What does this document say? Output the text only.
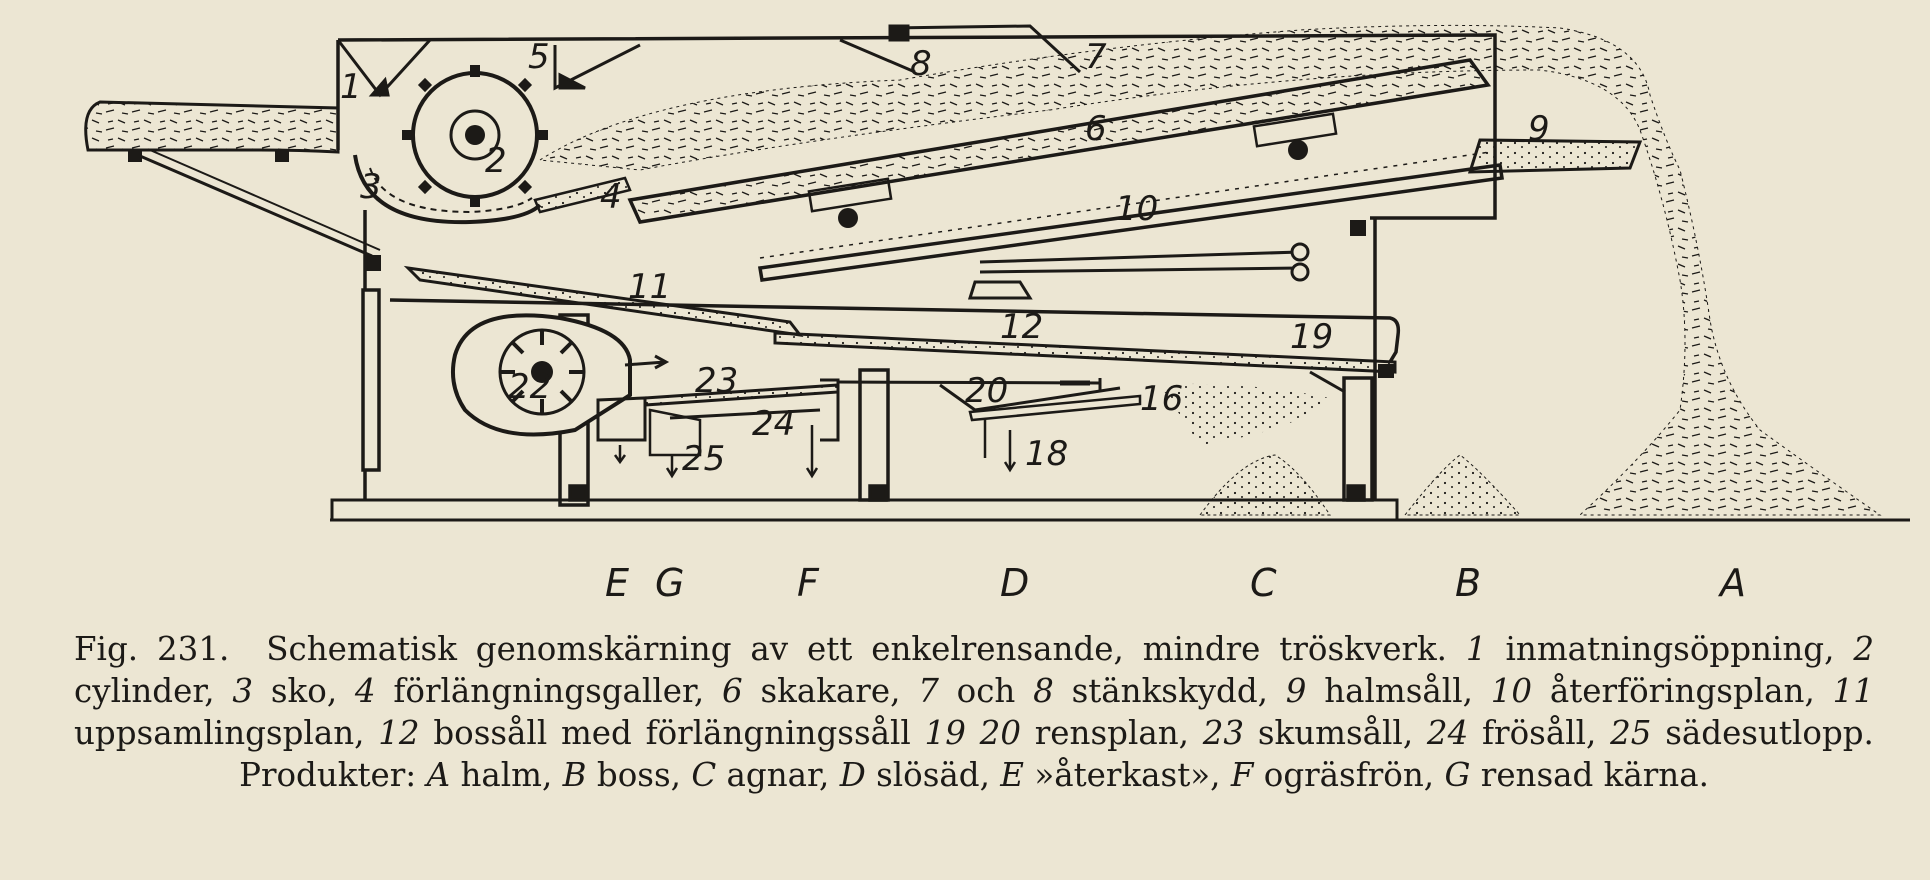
1
2
3	4
5
6
7
8
9
10
11
12
16
18
19
20
22	23
24
25
E G	F	D	C	B	A
Fig. 231. Schematisk genomskärning av ett enkelrensande, mindre tröskverk. 1 inmatningsöppning, 2 cylinder, 3 sko, 4 förlängningsgaller, 6 skakare, 7 och 8 stänkskydd, 9 halmsåll, 10 återföringsplan, 11 uppsamlingsplan, 12 bossåll med förlängningssåll 19 20 rensplan, 23 skumsåll, 24 frösåll, 25 sädesutlopp. Produkter: A halm, B boss, C agnar, D slösäd, E »återkast», F ogräsfrön, G rensad kärna.
